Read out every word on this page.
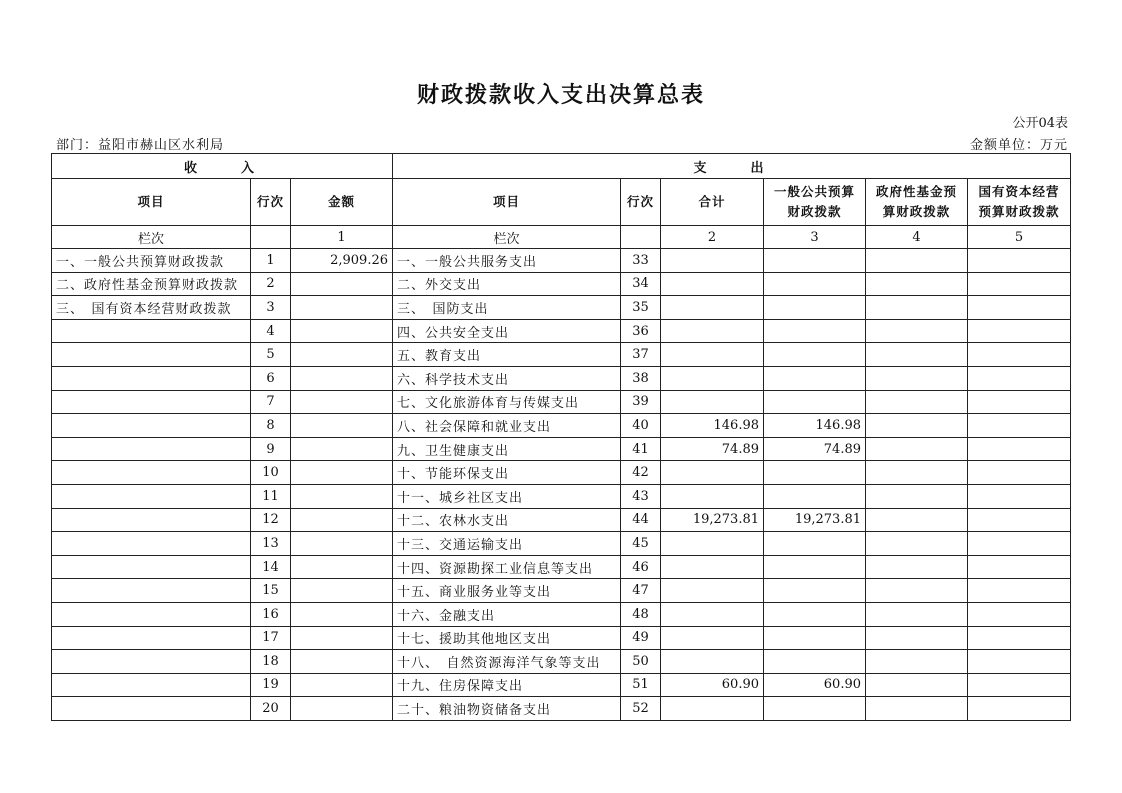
财政拨款收入支出决算总表
公开04表
部门：益阳市赫山区水利局	金额单位：万元
收　　入			支　　出					
项目	行次	金额	项目	行次	合计	一般公共预算财政拨款	政府性基金预算财政拨款	国有资本经营预算财政拨款
栏次		1	栏次		2	3	4	5
一、一般公共预算财政拨款	1	2,909.26	一、一般公共服务支出	33				
二、政府性基金预算财政拨款	2		二、外交支出	34				
三、　国有资本经营财政拨款	3		三、　国防支出	35				
	4		四、公共安全支出	36				
	5		五、教育支出	37				
	6		六、科学技术支出	38				
	7		七、文化旅游体育与传媒支出	39				
	8		八、社会保障和就业支出	40	146.98	146.98		
	9		九、卫生健康支出	41	74.89	74.89		
	10		十、节能环保支出	42				
	11		十一、城乡社区支出	43				
	12		十二、农林水支出	44	19,273.81	19,273.81		
	13		十三、交通运输支出	45				
	14		十四、资源勘探工业信息等支出	46				
	15		十五、商业服务业等支出	47				
	16		十六、金融支出	48				
	17		十七、援助其他地区支出	49				
	18		十八、　自然资源海洋气象等支出	50				
	19		十九、住房保障支出	51	60.90	60.90		
	20		二十、粮油物资储备支出	52				
